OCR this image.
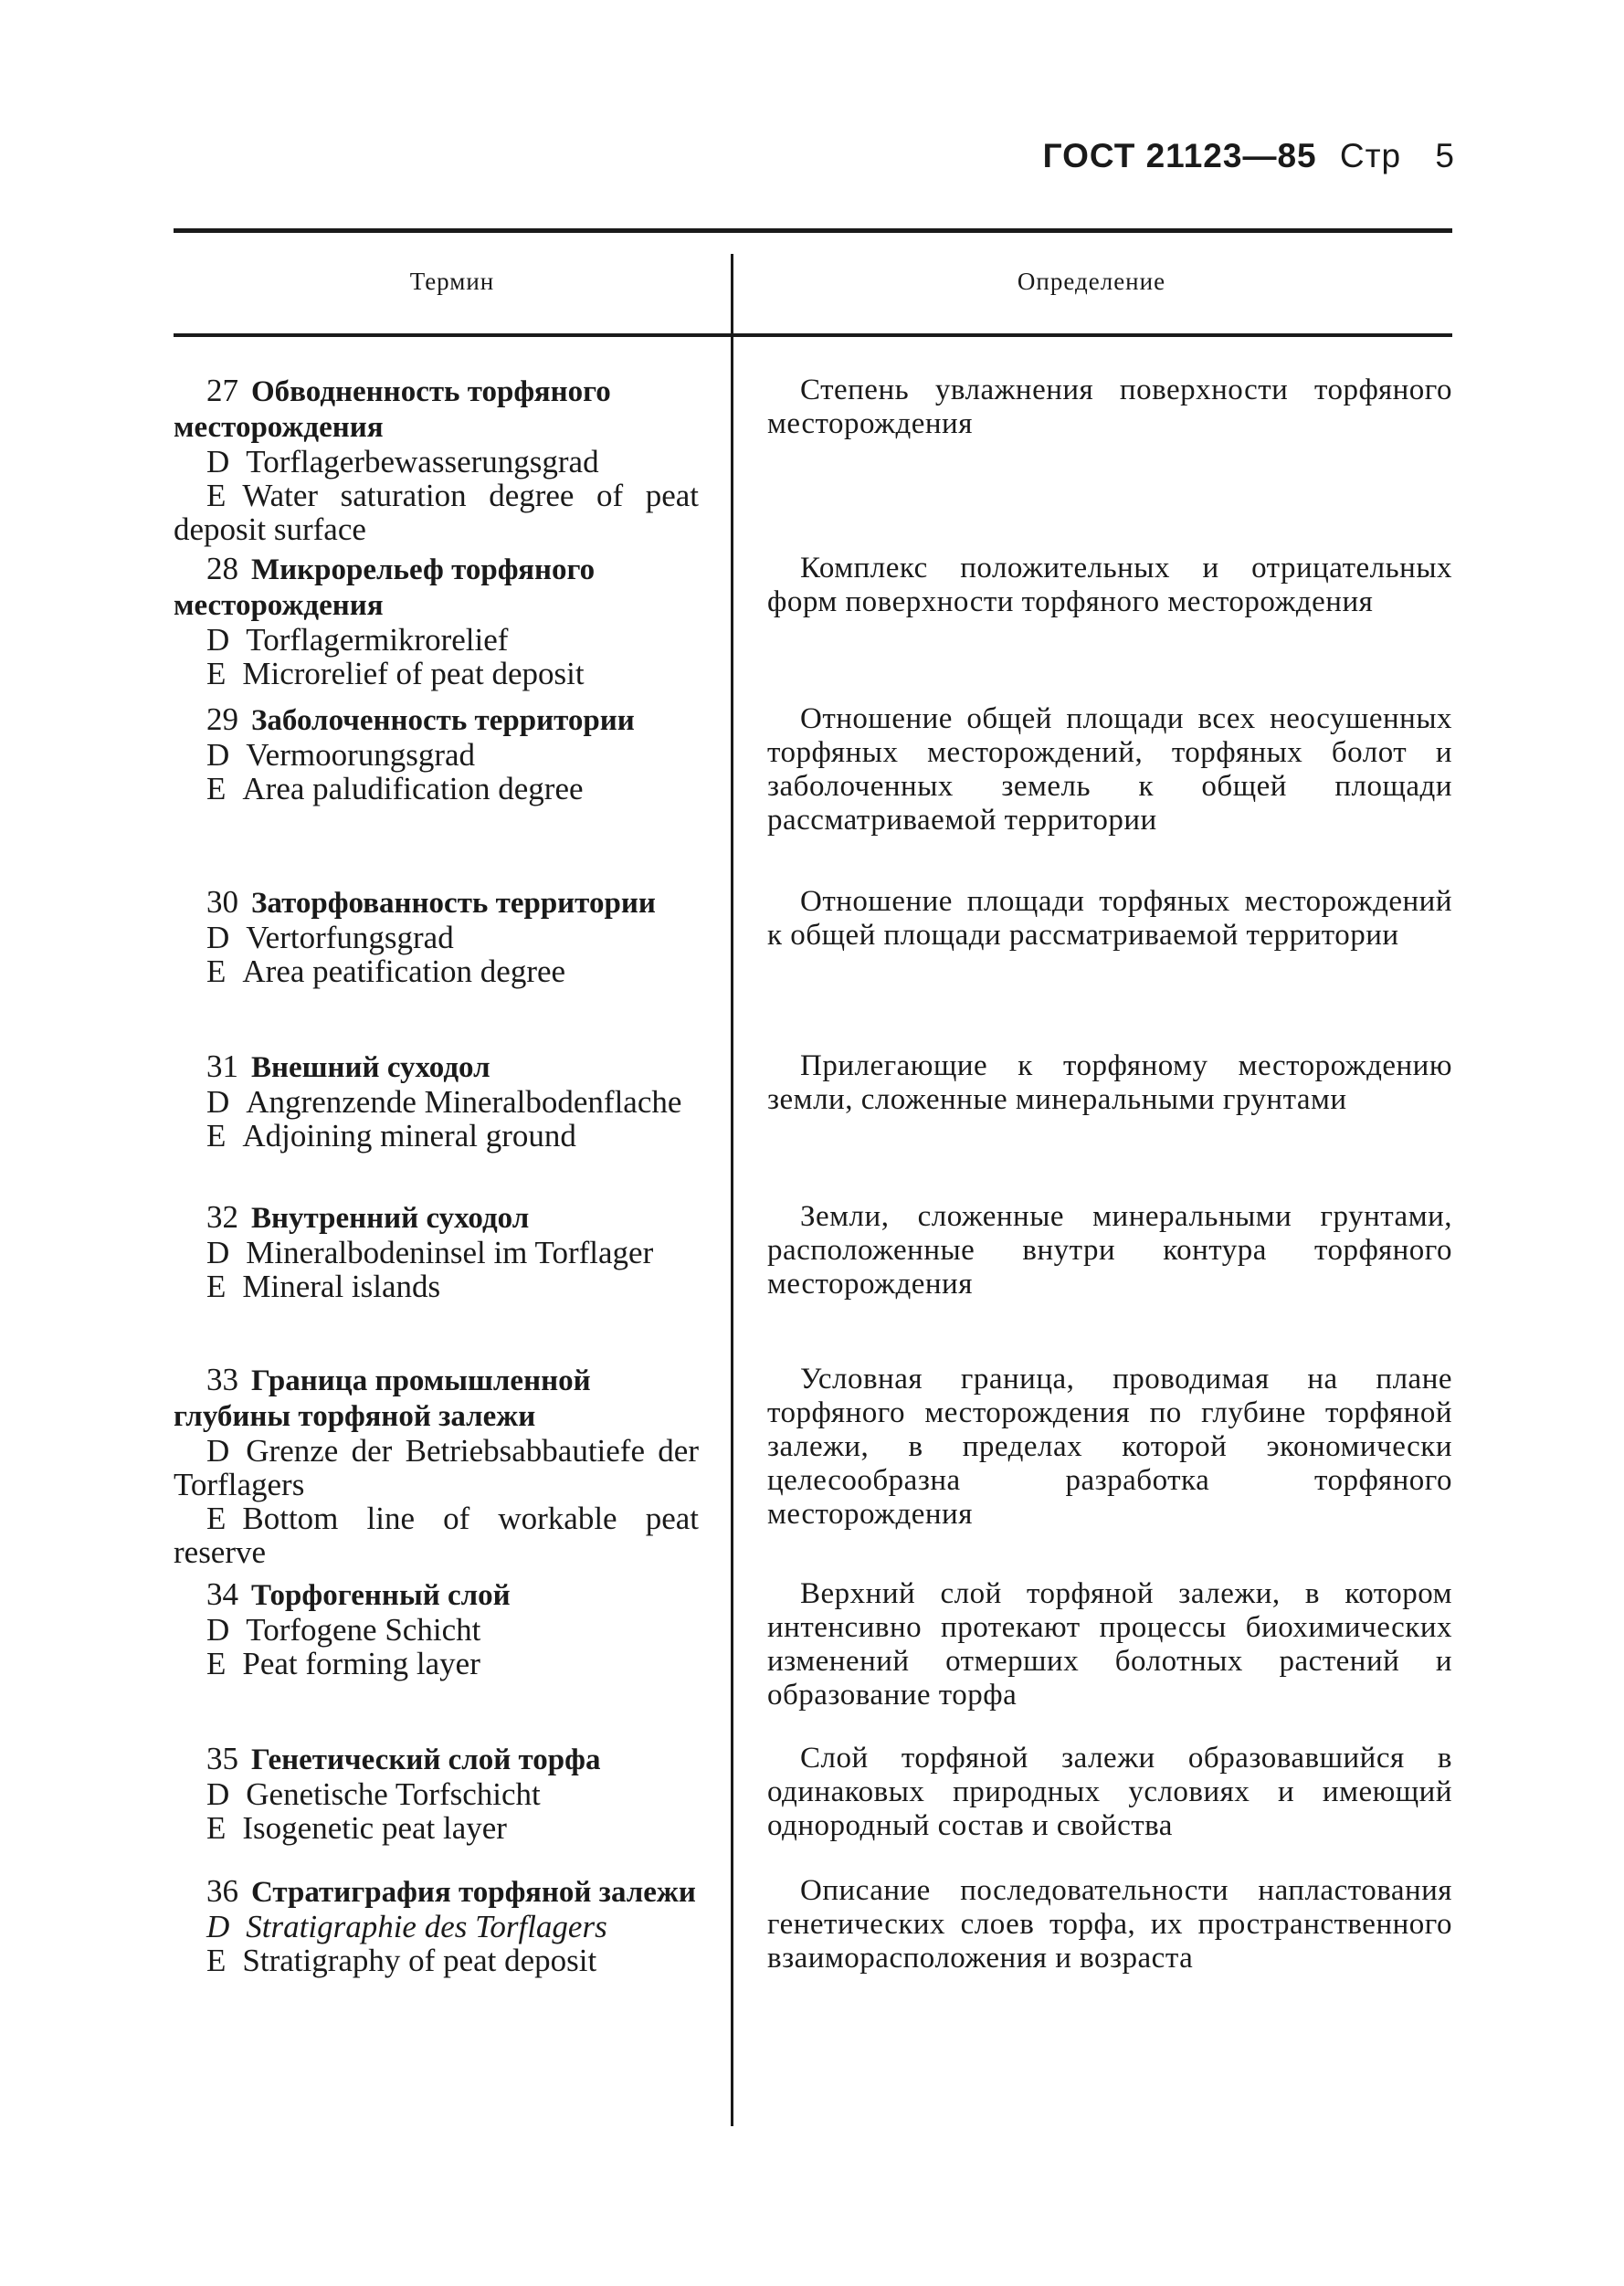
ГОСТ 21123—85 Стр 5
Термин	Определение
27 Обводненность торфяного месторождения
D Torflagerbewasserungsgrad
E Water saturation degree of peat deposit surface
Степень увлажнения поверхности торфяного месторождения
28 Микрорельеф торфяного месторождения
D Torflagermikrorelief
E Microrelief of peat deposit
Комплекс положительных и отрицательных форм поверхности торфяного месторождения
29 Заболоченность территории
D Vermoorungsgrad
E Area paludification degree
Отношение общей площади всех неосушенных торфяных месторождений, торфяных болот и заболоченных земель к общей площади рассматриваемой территории
30 Заторфованность территории
D Vertorfungsgrad
E Area peatification degree
Отношение площади торфяных месторождений к общей площади рассматриваемой территории
31 Внешний суходол
D Angrenzende Mineralbodenflache
E Adjoining mineral ground
Прилегающие к торфяному месторождению земли, сложенные минеральными грунтами
32 Внутренний суходол
D Mineralbodeninsel im Torflager
E Mineral islands
Земли, сложенные минеральными грунтами, расположенные внутри контура торфяного месторождения
33 Граница промышленной глубины торфяной залежи
D Grenze der Betriebsabbautiefe der Torflagers
E Bottom line of workable peat reserve
Условная граница, проводимая на плане торфяного месторождения по глубине торфяной залежи, в пределах которой экономически целесообразна разработка торфяного месторождения
34 Торфогенный слой
D Torfogene Schicht
E Peat forming layer
Верхний слой торфяной залежи, в котором интенсивно протекают процессы биохимических изменений отмерших болотных растений и образование торфа
35 Генетический слой торфа
D Genetische Torfschicht
E Isogenetic peat layer
Слой торфяной залежи образовавшийся в одинаковых природных условиях и имеющий однородный состав и свойства
36 Стратиграфия торфяной залежи
D Stratigraphie des Torflagers
E Stratigraphy of peat deposit
Описание последовательности напластования генетических слоев торфа, их пространственного взаиморасположения и возраста
